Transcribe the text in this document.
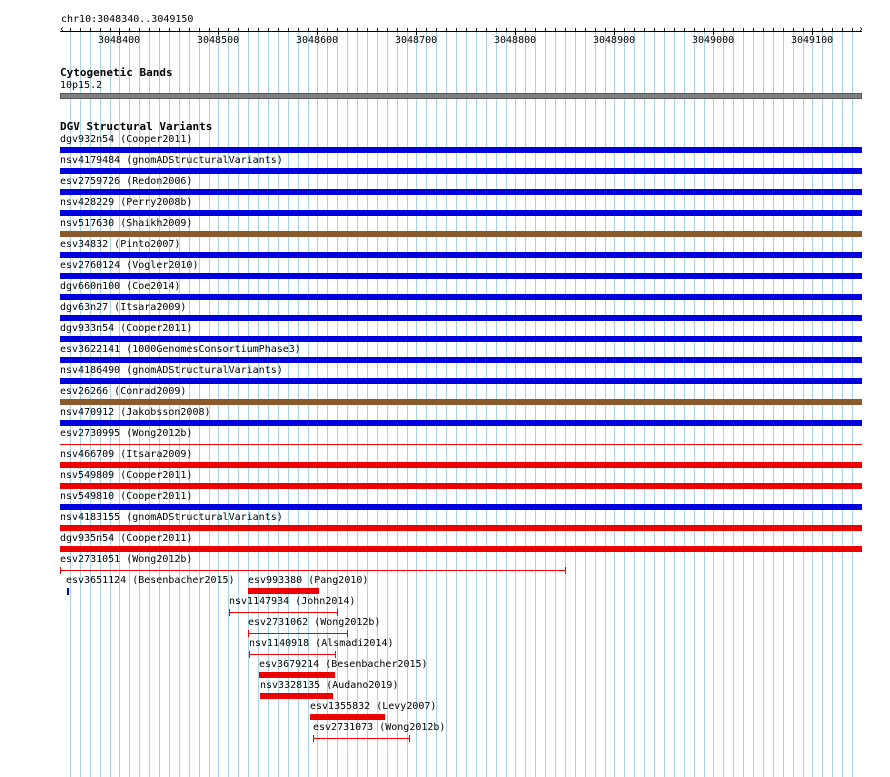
chr10:3048340..3049150
‹	›
3048400	3048500	3048600	3048700	3048800	3048900	3049000	3049100
Cytogenetic Bands
10p15.2
DGV Structural Variants
dgv932n54 (Cooper2011)
nsv4179484 (gnomADStructuralVariants)
esv2759726 (Redon2006)
nsv428229 (Perry2008b)
nsv517630 (Shaikh2009)
esv34832 (Pinto2007)
esv2760124 (Vogler2010)
dgv660n100 (Coe2014)
dgv63n27 (Itsara2009)
dgv933n54 (Cooper2011)
esv3622141 (1000GenomesConsortiumPhase3)
nsv4186490 (gnomADStructuralVariants)
esv26266 (Conrad2009)
nsv470912 (Jakobsson2008)
esv2730995 (Wong2012b)
nsv466709 (Itsara2009)
nsv549809 (Cooper2011)
nsv549810 (Cooper2011)
nsv4183155 (gnomADStructuralVariants)
dgv935n54 (Cooper2011)
esv2731051 (Wong2012b)
esv3651124 (Besenbacher2015) esv993380 (Pang2010)
nsv1147934 (John2014)
esv2731062 (Wong2012b)
nsv1140918 (Alsmadi2014)
esv3679214 (Besenbacher2015)
nsv3328135 (Audano2019)
esv1355832 (Levy2007)
esv2731073 (Wong2012b)
